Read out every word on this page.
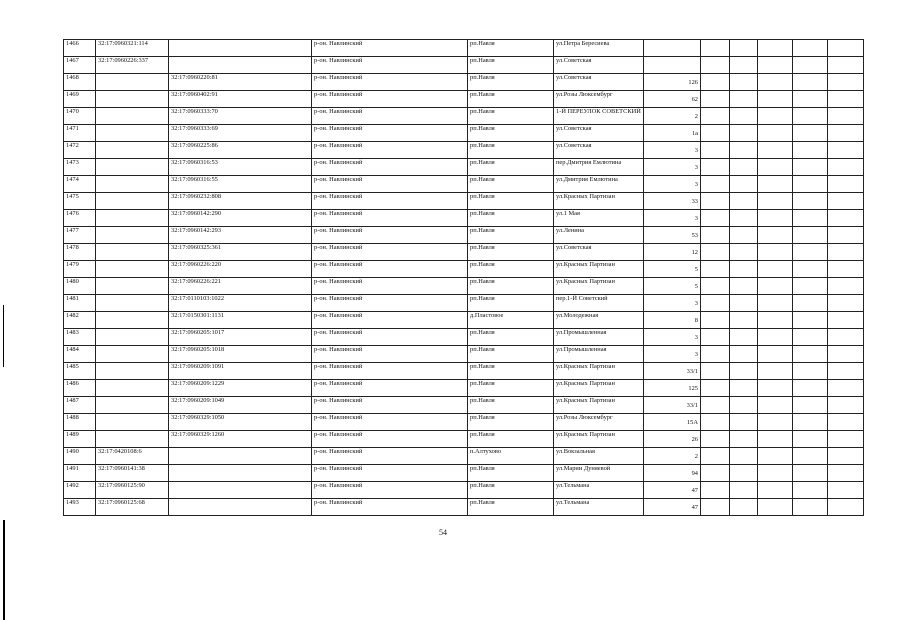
1466	32:17:0960321:114		р-он. Навлинский	рп.Навля	ул.Петра Бересиева						
1467	32:17:0960226:337		р-он. Навлинский	рп.Навля	ул.Советская						
1468		32:17:0960220:81	р-он. Навлинский	рп.Навля	ул.Советская	126					
1469		32:17:0960402:91	р-он. Навлинский	рп.Навля	ул.Розы Люксембург	62					
1470		32:17:0960333:70	р-он. Навлинский	рп.Навля	1-Й ПЕРЕУЛОК СОВЕТСКИЙ	2					
1471		32:17:0960333:69	р-он. Навлинский	рп.Навля	ул.Советская	1а					
1472		32:17:0960225:86	р-он. Навлинский	рп.Навля	ул.Советская	3					
1473		32:17:0960316:53	р-он. Навлинский	рп.Навля	пер.Дмитрия Емлютина	3					
1474		32:17:0960316:55	р-он. Навлинский	рп.Навля	ул.Дмитрия Емлютина	3					
1475		32:17:0960232:808	р-он. Навлинский	рп.Навля	ул.Красных Партизан	33					
1476		32:17:0960142:290	р-он. Навлинский	рп.Навля	ул.1 Мая	3					
1477		32:17:0960142:293	р-он. Навлинский	рп.Навля	ул.Ленина	53					
1478		32:17:0960325:361	р-он. Навлинский	рп.Навля	ул.Советская	12					
1479		32:17:0960226:220	р-он. Навлинский	рп.Навля	ул.Красных Партизан	5					
1480		32:17:0960226:221	р-он. Навлинский	рп.Навля	ул.Красных Партизан	5					
1481		32:17:0110103:1022	р-он. Навлинский	рп.Навля	пер.1-Й Советский	3					
1482		32:17:0150301:1131	р-он. Навлинский	д.Пластовое	ул.Молодежная	8					
1483		32:17:0960205:1017	р-он. Навлинский	рп.Навля	ул.Промышленная	3					
1484		32:17:0960205:1018	р-он. Навлинский	рп.Навля	ул.Промышленная	3					
1485		32:17:0960209:1091	р-он. Навлинский	рп.Навля	ул.Красных Партизан	33/1					
1486		32:17:0960209:1229	р-он. Навлинский	рп.Навля	ул.Красных Партизан	125					
1487		32:17:0960209:1049	р-он. Навлинский	рп.Навля	ул.Красных Партизан	33/1					
1488		32:17:0960329:1050	р-он. Навлинский	рп.Навля	ул.Розы Люксембург	15А					
1489		32:17:0960329:1260	р-он. Навлинский	рп.Навля	ул.Красных Партизан	26					
1490	32:17:0420108:6		р-он. Навлинский	п.Алтухово	ул.Вокзальная	2					
1491	32:17:0960141:38		р-он. Навлинский	рп.Навля	ул.Марии Дуняевой	94					
1492	32:17:0960125:90		р-он. Навлинский	рп.Навля	ул.Тельмана	47					
1493	32:17:0960125:68		р-он. Навлинский	рп.Навля	ул.Тельмана	47					
54
